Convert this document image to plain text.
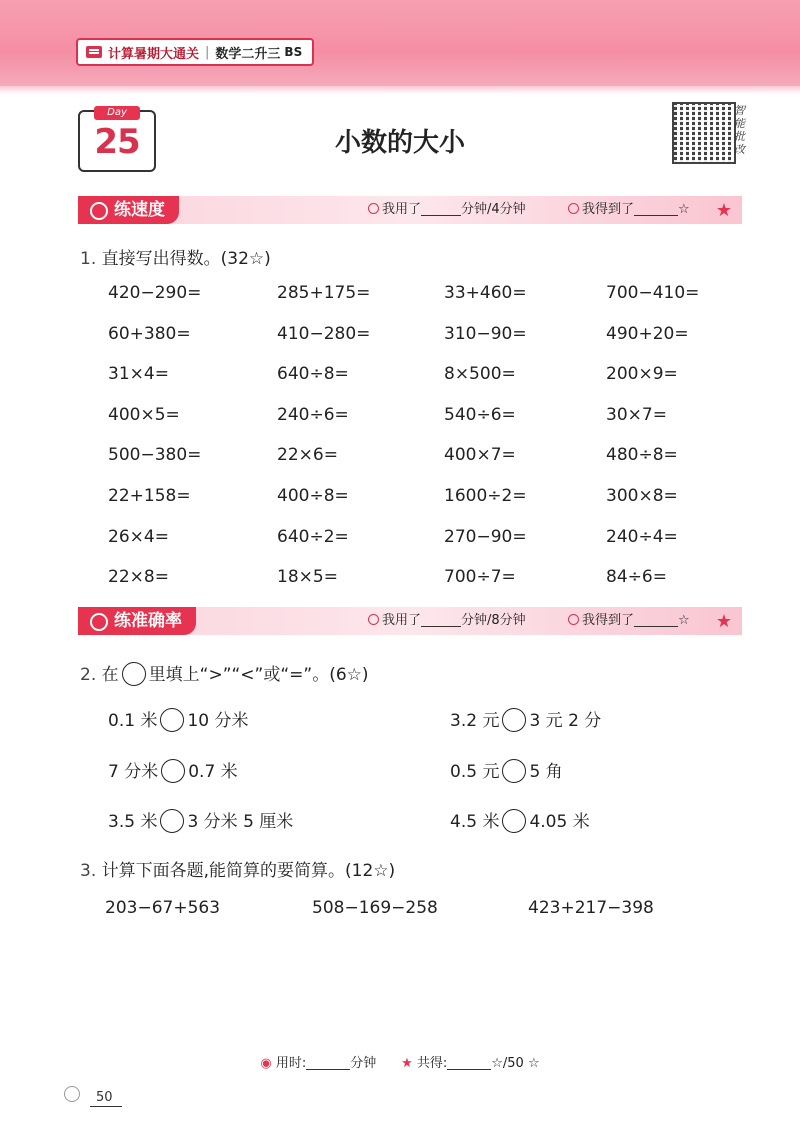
计算暑期大通关 | 数学二升三 BS
Day
25	小数的大小
智能批改
练速度	我用了	分钟/4分钟	我得到了	☆ ★
1. 直接写出得数。(32☆)
420−290=	285+175=	33+460=	700−410=
60+380=	410−280=	310−90=	490+20=
31×4=	640÷8=	8×500=	200×9=
400×5=	240÷6=	540÷6=	30×7=
500−380=	22×6=	400×7=	480÷8=
22+158=	400÷8=	1600÷2=	300×8=
26×4=	640÷2=	270−90=	240÷4=
22×8=	18×5=	700÷7=	84÷6=
练准确率	我用了	分钟/8分钟	我得到了	☆ ★
2. 在 里填上“>”“<”或“=”。(6☆)
0.1 米 10 分米	3.2 元 3 元 2 分
7 分米 0.7 米	0.5 元 5 角
3.5 米 3 分米 5 厘米	4.5 米 4.05 米
3. 计算下面各题,能简算的要简算。(12☆)
203−67+563	508−169−258	423+217−398
◉ 用时:	分钟 ★ 共得:	☆/50 ☆
50
